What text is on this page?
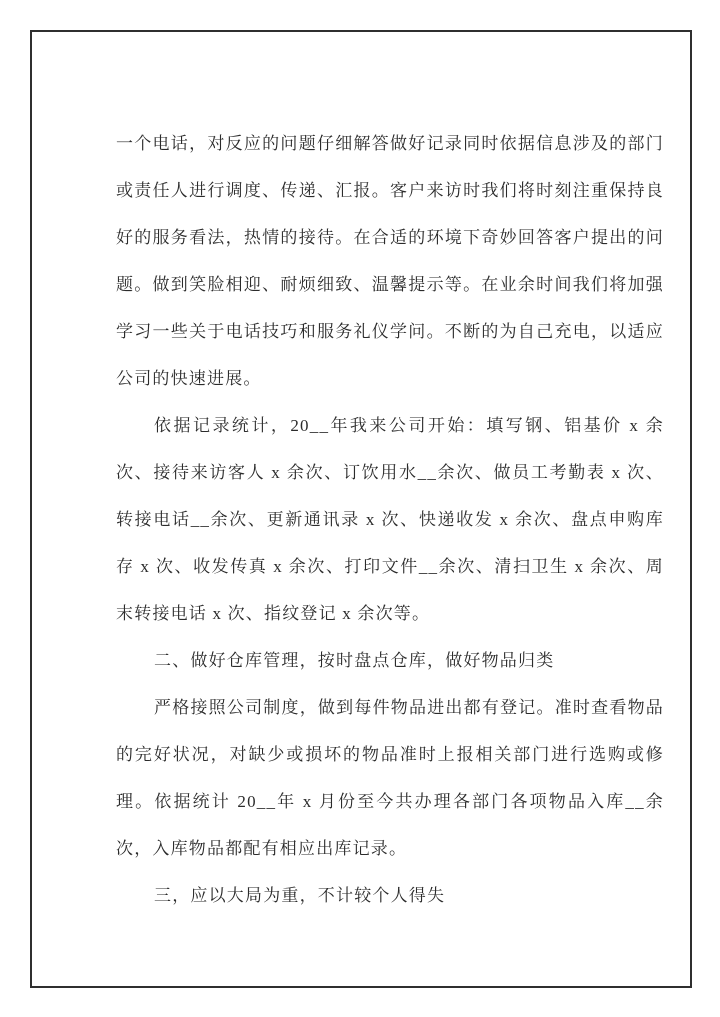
一个电话，对反应的问题仔细解答做好记录同时依据信息涉及的部门或责任人进行调度、传递、汇报。客户来访时我们将时刻注重保持良好的服务看法，热情的接待。在合适的环境下奇妙回答客户提出的问题。做到笑脸相迎、耐烦细致、温馨提示等。在业余时间我们将加强学习一些关于电话技巧和服务礼仪学问。不断的为自己充电，以适应公司的快速进展。

依据记录统计，20__年我来公司开始：填写钢、铝基价 x 余次、接待来访客人 x 余次、订饮用水__余次、做员工考勤表 x 次、转接电话__余次、更新通讯录 x 次、快递收发 x 余次、盘点申购库存 x 次、收发传真 x 余次、打印文件__余次、清扫卫生 x 余次、周末转接电话 x 次、指纹登记 x 余次等。

二、做好仓库管理，按时盘点仓库，做好物品归类

严格接照公司制度，做到每件物品进出都有登记。准时查看物品的完好状况，对缺少或损坏的物品准时上报相关部门进行选购或修理。依据统计 20__年 x 月份至今共办理各部门各项物品入库__余次，入库物品都配有相应出库记录。

三，应以大局为重，不计较个人得失
